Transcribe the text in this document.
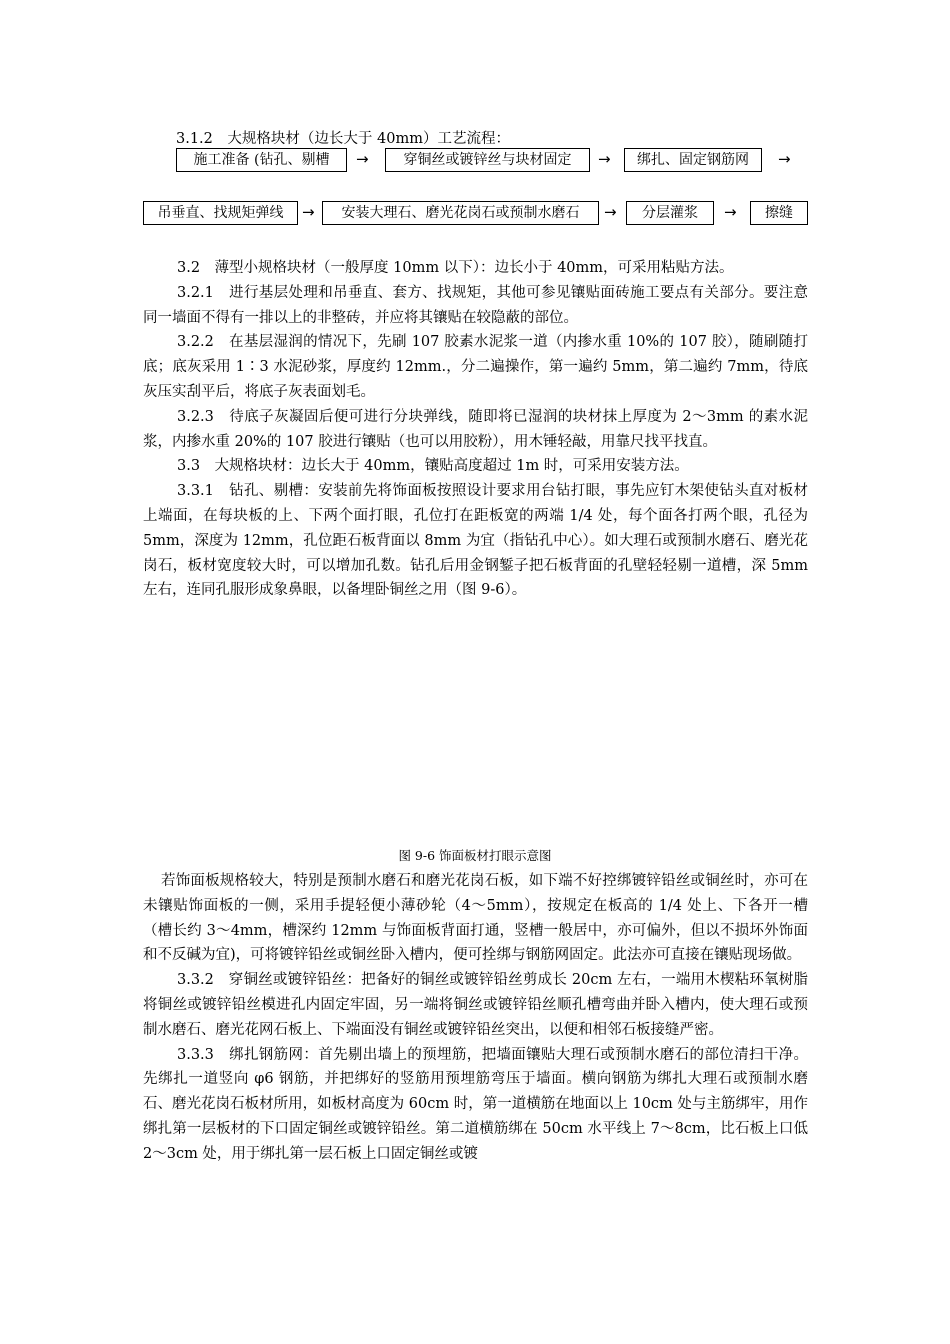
3.1.2　大规格块材（边长大于 40mm）工艺流程：
施工准备 (钻孔、剔槽	→	穿铜丝或镀锌丝与块材固定	→	绑扎、固定钢筋网	→
吊垂直、找规矩弹线	→	安装大理石、磨光花岗石或预制水磨石	→	分层灌浆	→	擦缝

3.2　薄型小规格块材（一般厚度 10mm 以下）：边长小于 40mm，可采用粘贴方法。

3.2.1　进行基层处理和吊垂直、套方、找规矩，其他可参见镶贴面砖施工要点有关部分。要注意同一墙面不得有一排以上的非整砖，并应将其镶贴在较隐蔽的部位。

3.2.2　在基层湿润的情况下，先刷 107 胶素水泥浆一道（内掺水重 10%的 107 胶），随刷随打底；底灰采用 1∶3 水泥砂浆，厚度约 12mm.，分二遍操作，第一遍约 5mm，第二遍约 7mm，待底灰压实刮平后，将底子灰表面划毛。

3.2.3　待底子灰凝固后便可进行分块弹线，随即将已湿润的块材抹上厚度为 2～3mm 的素水泥浆，内掺水重 20%的 107 胶进行镶贴（也可以用胶粉），用木锤轻敲，用靠尺找平找直。

3.3　大规格块材：边长大于 40mm，镶贴高度超过 1m 时，可采用安装方法。

3.3.1　钻孔、剔槽：安装前先将饰面板按照设计要求用台钻打眼，事先应钉木架使钻头直对板材上端面，在每块板的上、下两个面打眼，孔位打在距板宽的两端 1/4 处，每个面各打两个眼，孔径为 5mm，深度为 12mm，孔位距石板背面以 8mm 为宜（指钻孔中心）。如大理石或预制水磨石、磨光花岗石，板材宽度较大时，可以增加孔数。钻孔后用金钢錾子把石板背面的孔壁轻轻剔一道槽，深 5mm 左右，连同孔服形成象鼻眼，以备埋卧铜丝之用（图 9-6）。

图 9-6 饰面板材打眼示意图

若饰面板规格较大，特别是预制水磨石和磨光花岗石板，如下端不好控绑镀锌铅丝或铜丝时，亦可在未镶贴饰面板的一侧，采用手提轻便小薄砂轮（4～5mm），按规定在板高的 1/4 处上、下各开一槽（槽长约 3～4mm，槽深约 12mm 与饰面板背面打通，竖槽一般居中，亦可偏外，但以不损坏外饰面和不反碱为宜)，可将镀锌铅丝或铜丝卧入槽内，便可拴绑与钢筋网固定。此法亦可直接在镶贴现场做。

3.3.2　穿铜丝或镀锌铅丝：把备好的铜丝或镀锌铅丝剪成长 20cm 左右，一端用木楔粘环氧树脂将铜丝或镀锌铅丝模进孔内固定牢固，另一端将铜丝或镀锌铅丝顺孔槽弯曲并卧入槽内，使大理石或预制水磨石、磨光花网石板上、下端面没有铜丝或镀锌铅丝突出，以便和相邻石板接缝严密。

3.3.3　绑扎钢筋网：首先剔出墙上的预埋筋，把墙面镶贴大理石或预制水磨石的部位清扫干净。先绑扎一道竖向 φ6 钢筋，并把绑好的竖筋用预埋筋弯压于墙面。横向钢筋为绑扎大理石或预制水磨石、磨光花岗石板材所用，如板材高度为 60cm 时，第一道横筋在地面以上 10cm 处与主筋绑牢，用作绑扎第一层板材的下口固定铜丝或镀锌铅丝。第二道横筋绑在 50cm 水平线上 7～8cm，比石板上口低 2～3cm 处，用于绑扎第一层石板上口固定铜丝或镀
